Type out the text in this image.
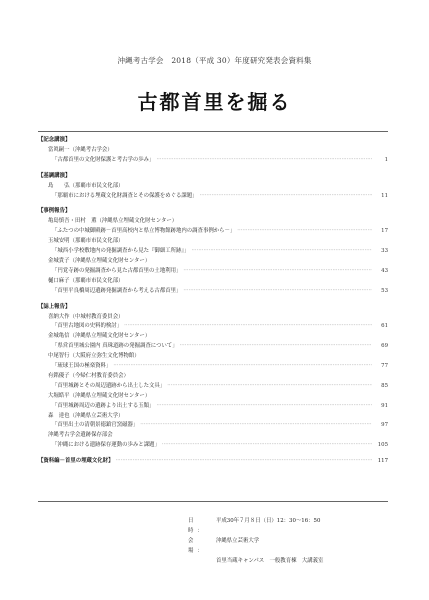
沖縄考古学会　2018（平成 30）年度研究発表会資料集
古都首里を掘る
【記念講演】
當眞嗣一（沖縄考古学会）
「古都首里の文化財保護と考古学の歩み」 ·····	1
【基調講演】
島　　弘（那覇市市民文化部）
「那覇市における埋蔵文化財調査とその保護をめぐる課題」 ·····	11
【事例報告】
亀島慎吾・田村　薫（沖縄県立埋蔵文化財センター）
「ふたつの中城御殿跡－首里高校内と県立博物館跡地内の調査事例から－」 ·····	17
玉城安明（那覇市市民文化部）
「城西小学校敷地内の発掘調査から見た『御細工所跡』」 ·····	33
金城貴子（沖縄県立埋蔵文化財センター）
「円覚寺跡の発掘調査から見た古都首里の土地利用」 ·····	43
樋口麻子（那覇市市民文化部）
「首里平良橋周辺遺跡発掘調査から考える古都首里」 ·····	53
【誌上報告】
喜納大作（中城村教育委員会）
「首里古地図の史料的検討」 ·····	61
金城亀信（沖縄県立埋蔵文化財センター）
「県営首里城公園内 真珠道跡の発掘調査について」 ·····	69
中尾智行（大阪府立弥生文化博物館）
「琉球王国の極楽資料」 ·····	77
有銘優子（今帰仁村教育委員会）
「首里城跡とその周辺遺跡から出土した文具」 ·····	85
大堀皓平（沖縄県立埋蔵文化財センター）
「首里城跡周辺の遺跡より出土する玉類」 ·····	91
森　達也（沖縄県立芸術大学）
「首里出土の清朝景徳鎮官窯磁器」 ·····	97
沖縄考古学会遺跡保存部会
「沖縄における遺跡保存運動の歩みと課題」 ·····	105
【資料編－首里の埋蔵文化財】 ·····	117
日時：
平成30年７月８日（日）12：30～16：50
会場：
沖縄県立芸術大学
首里当蔵キャンパス　一般教育棟　大講義室
